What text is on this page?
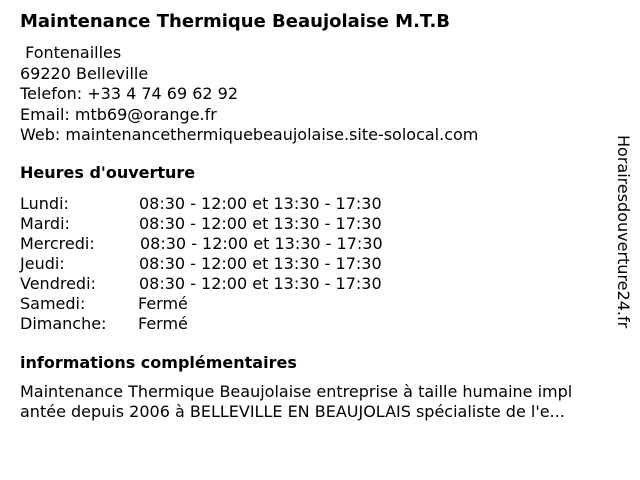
Maintenance Thermique Beaujolaise M.T.B
Fontenailles
69220 Belleville
Telefon: +33 4 74 69 62 92
Email: mtb69@orange.fr
Web: maintenancethermiquebeaujolaise.site-solocal.com
Heures d'ouverture
Lundi:	08:30 - 12:00 et 13:30 - 17:30
Mardi:	08:30 - 12:00 et 13:30 - 17:30
Mercredi:	08:30 - 12:00 et 13:30 - 17:30
Jeudi:	08:30 - 12:00 et 13:30 - 17:30
Vendredi:	08:30 - 12:00 et 13:30 - 17:30
Samedi:	Fermé
Dimanche: Fermé
informations complémentaires
Maintenance Thermique Beaujolaise entreprise à taille humaine impl
antée depuis 2006 à BELLEVILLE EN BEAUJOLAIS spécialiste de l'e...
Horairesdouverture24.fr
